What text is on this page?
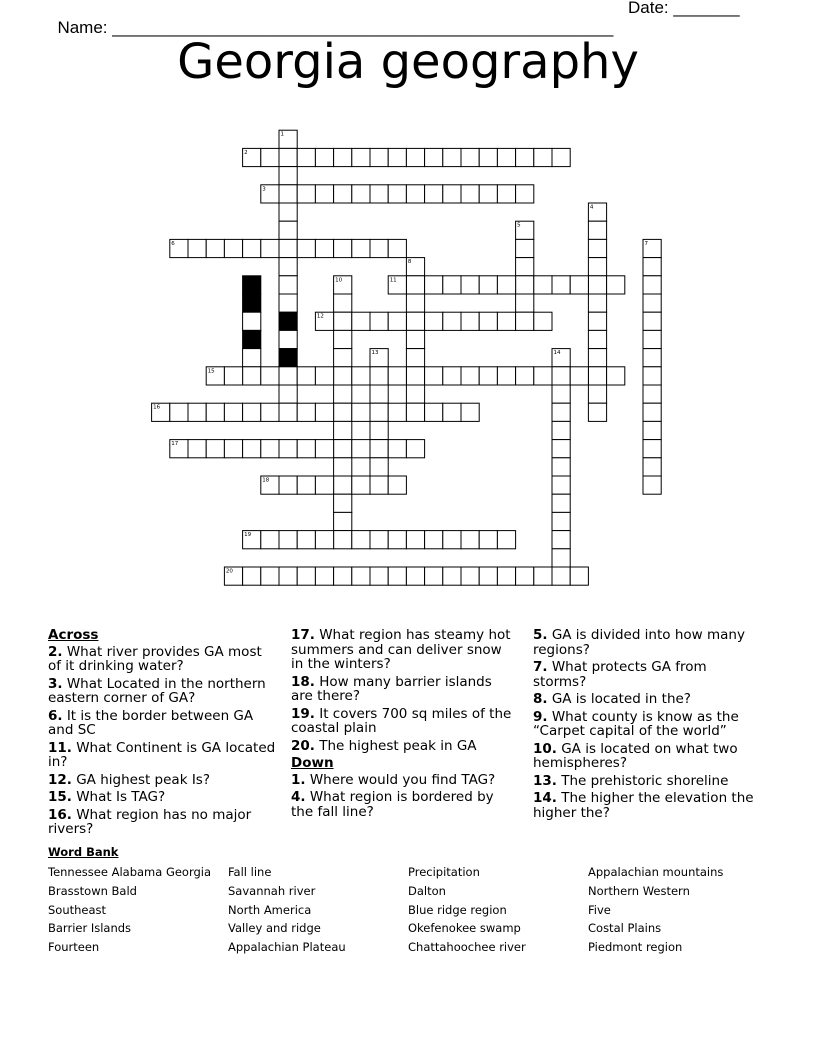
Name: _____________________________________________________

Date: _______

Georgia geography
1
2
3
4
5
6	7
8
9	10	11
12
13	14
15
16
17
18
19
20
Across
2. What river provides GA most of it drinking water?
3. What Located in the northern eastern corner of GA?
6. It is the border between GA and SC
11. What Continent is GA located in?
12. GA highest peak Is?
15. What Is TAG?
16. What region has no major rivers?
17. What region has steamy hot summers and can deliver snow in the winters?
18. How many barrier islands are there?
19. It covers 700 sq miles of the coastal plain
20. The highest peak in GA
Down
1. Where would you find TAG?
4. What region is bordered by the fall line?
5. GA is divided into how many regions?
7. What protects GA from storms?
8. GA is located in the?
9. What county is know as the “Carpet capital of the world”
10. GA is located on what two hemispheres?
13. The prehistoric shoreline
14. The higher the elevation the higher the?
Word Bank
Tennessee Alabama Georgia
Brasstown Bald
Southeast
Barrier Islands
Fourteen
Fall line
Savannah river
North America
Valley and ridge
Appalachian Plateau
Precipitation
Dalton
Blue ridge region
Okefenokee swamp
Chattahoochee river
Appalachian mountains
Northern Western
Five
Costal Plains
Piedmont region
